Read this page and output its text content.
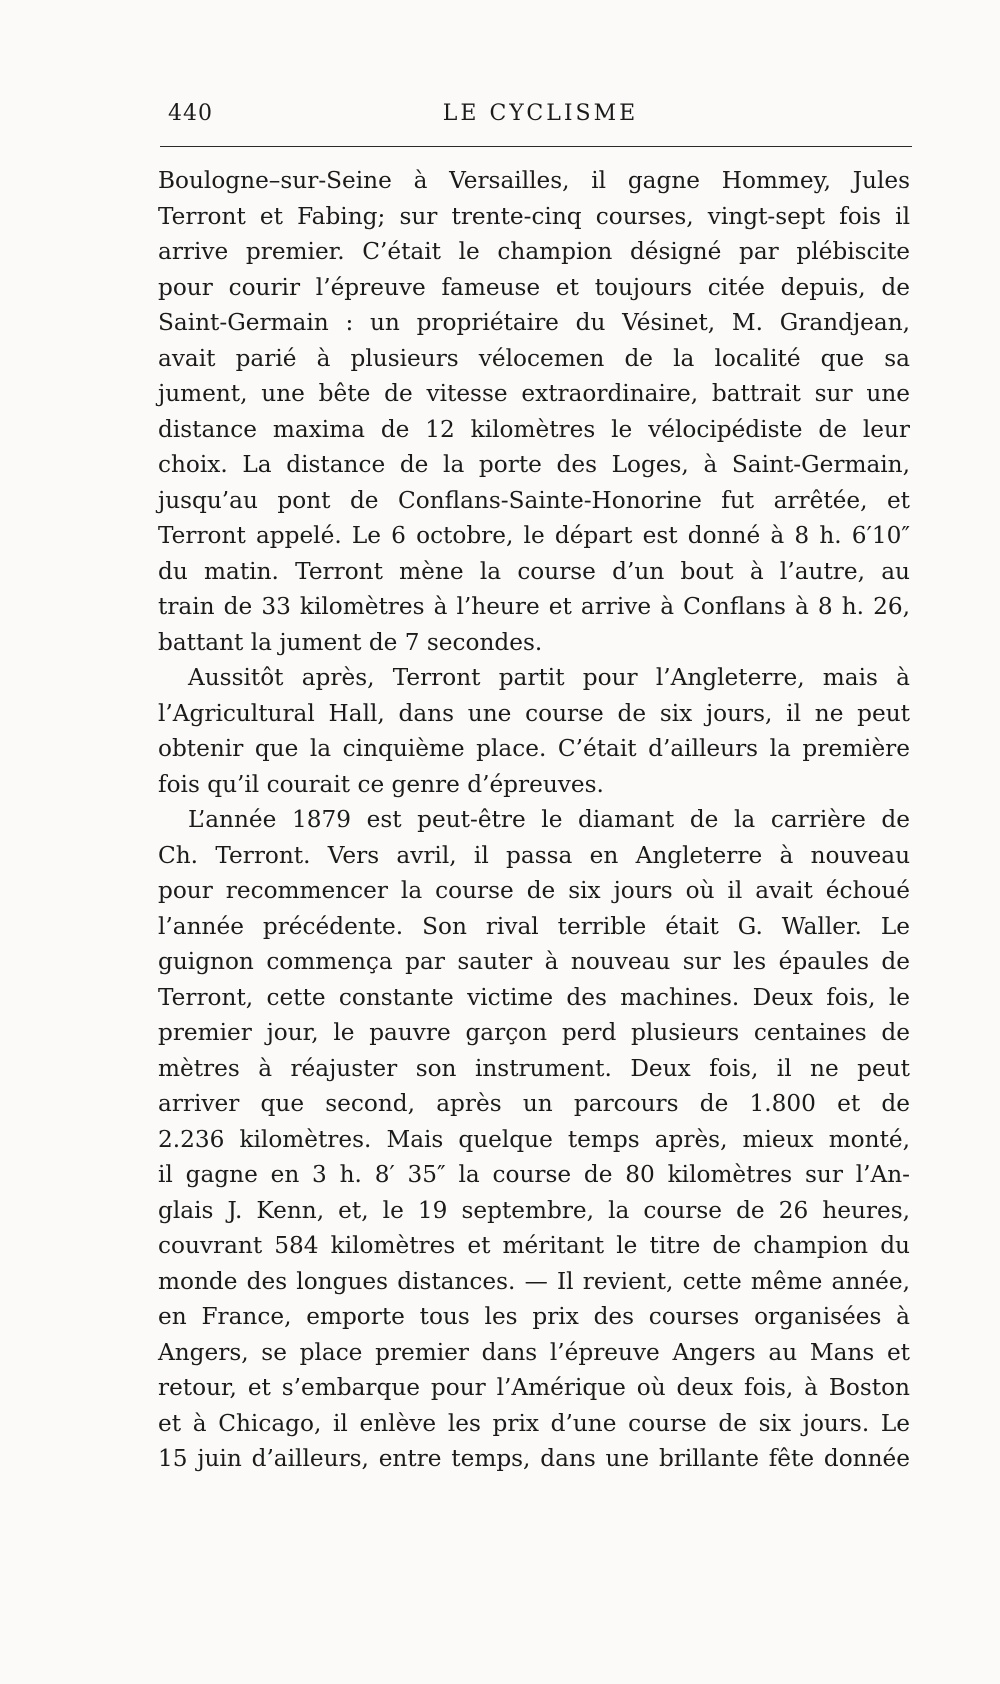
440	LE CYCLISME
Boulogne–sur-Seine à Versailles, il gagne Hommey, Jules
Terront et Fabing; sur trente-cinq courses, vingt-sept fois il
arrive premier. C’était le champion désigné par plébiscite
pour courir l’épreuve fameuse et toujours citée depuis, de
Saint-Germain : un propriétaire du Vésinet, M. Grandjean,
avait parié à plusieurs vélocemen de la localité que sa
jument, une bête de vitesse extraordinaire, battrait sur une
distance maxima de 12 kilomètres le vélocipédiste de leur
choix. La distance de la porte des Loges, à Saint-Germain,
jusqu’au pont de Conflans-Sainte-Honorine fut arrêtée, et
Terront appelé. Le 6 octobre, le départ est donné à 8 h. 6′10″
du matin. Terront mène la course d’un bout à l’autre, au
train de 33 kilomètres à l’heure et arrive à Conflans à 8 h. 26,
battant la jument de 7 secondes.
Aussitôt après, Terront partit pour l’Angleterre, mais à
l’Agricultural Hall, dans une course de six jours, il ne peut
obtenir que la cinquième place. C’était d’ailleurs la première
fois qu’il courait ce genre d’épreuves.
L’année 1879 est peut-être le diamant de la carrière de
Ch. Terront. Vers avril, il passa en Angleterre à nouveau
pour recommencer la course de six jours où il avait échoué
l’année précédente. Son rival terrible était G. Waller. Le
guignon commença par sauter à nouveau sur les épaules de
Terront, cette constante victime des machines. Deux fois, le
premier jour, le pauvre garçon perd plusieurs centaines de
mètres à réajuster son instrument. Deux fois, il ne peut
arriver que second, après un parcours de 1.800 et de
2.236 kilomètres. Mais quelque temps après, mieux monté,
il gagne en 3 h. 8′ 35″ la course de 80 kilomètres sur l’An-
glais J. Kenn, et, le 19 septembre, la course de 26 heures,
couvrant 584 kilomètres et méritant le titre de champion du
monde des longues distances. — Il revient, cette même année,
en France, emporte tous les prix des courses organisées à
Angers, se place premier dans l’épreuve Angers au Mans et
retour, et s’embarque pour l’Amérique où deux fois, à Boston
et à Chicago, il enlève les prix d’une course de six jours. Le
15 juin d’ailleurs, entre temps, dans une brillante fête donnée
